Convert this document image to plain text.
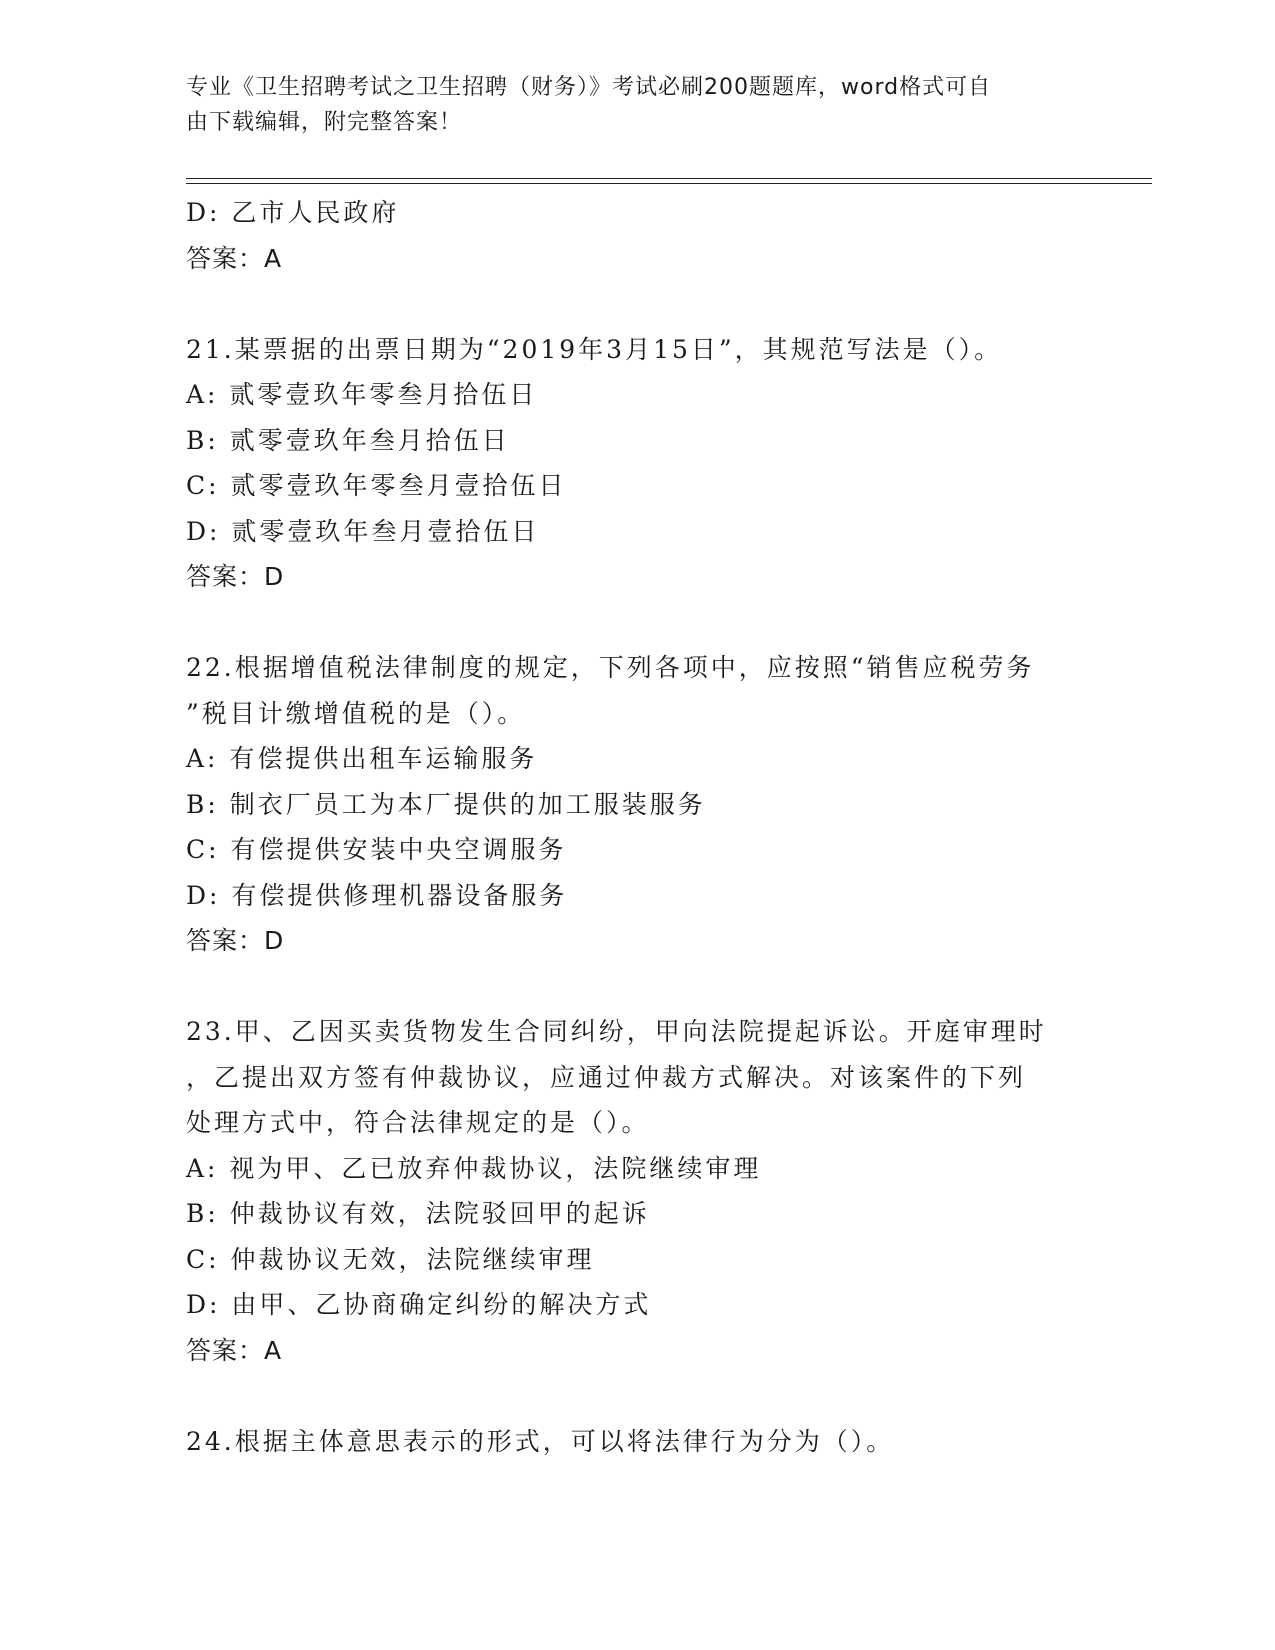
专业《卫生招聘考试之卫生招聘（财务）》考试必刷200题题库，word格式可自
由下载编辑，附完整答案！
D: 乙市人民政府
答案：A
21.某票据的出票日期为“2019年3月15日”，其规范写法是（）。
A: 贰零壹玖年零叁月拾伍日
B: 贰零壹玖年叁月拾伍日
C: 贰零壹玖年零叁月壹拾伍日
D: 贰零壹玖年叁月壹拾伍日
答案：D
22.根据增值税法律制度的规定，下列各项中，应按照“销售应税劳务
”税目计缴增值税的是（）。
A: 有偿提供出租车运输服务
B: 制衣厂员工为本厂提供的加工服装服务
C: 有偿提供安装中央空调服务
D: 有偿提供修理机器设备服务
答案：D
23.甲、乙因买卖货物发生合同纠纷，甲向法院提起诉讼。开庭审理时
，乙提出双方签有仲裁协议，应通过仲裁方式解决。对该案件的下列
处理方式中，符合法律规定的是（）。
A: 视为甲、乙已放弃仲裁协议，法院继续审理
B: 仲裁协议有效，法院驳回甲的起诉
C: 仲裁协议无效，法院继续审理
D: 由甲、乙协商确定纠纷的解决方式
答案：A
24.根据主体意思表示的形式，可以将法律行为分为（）。
